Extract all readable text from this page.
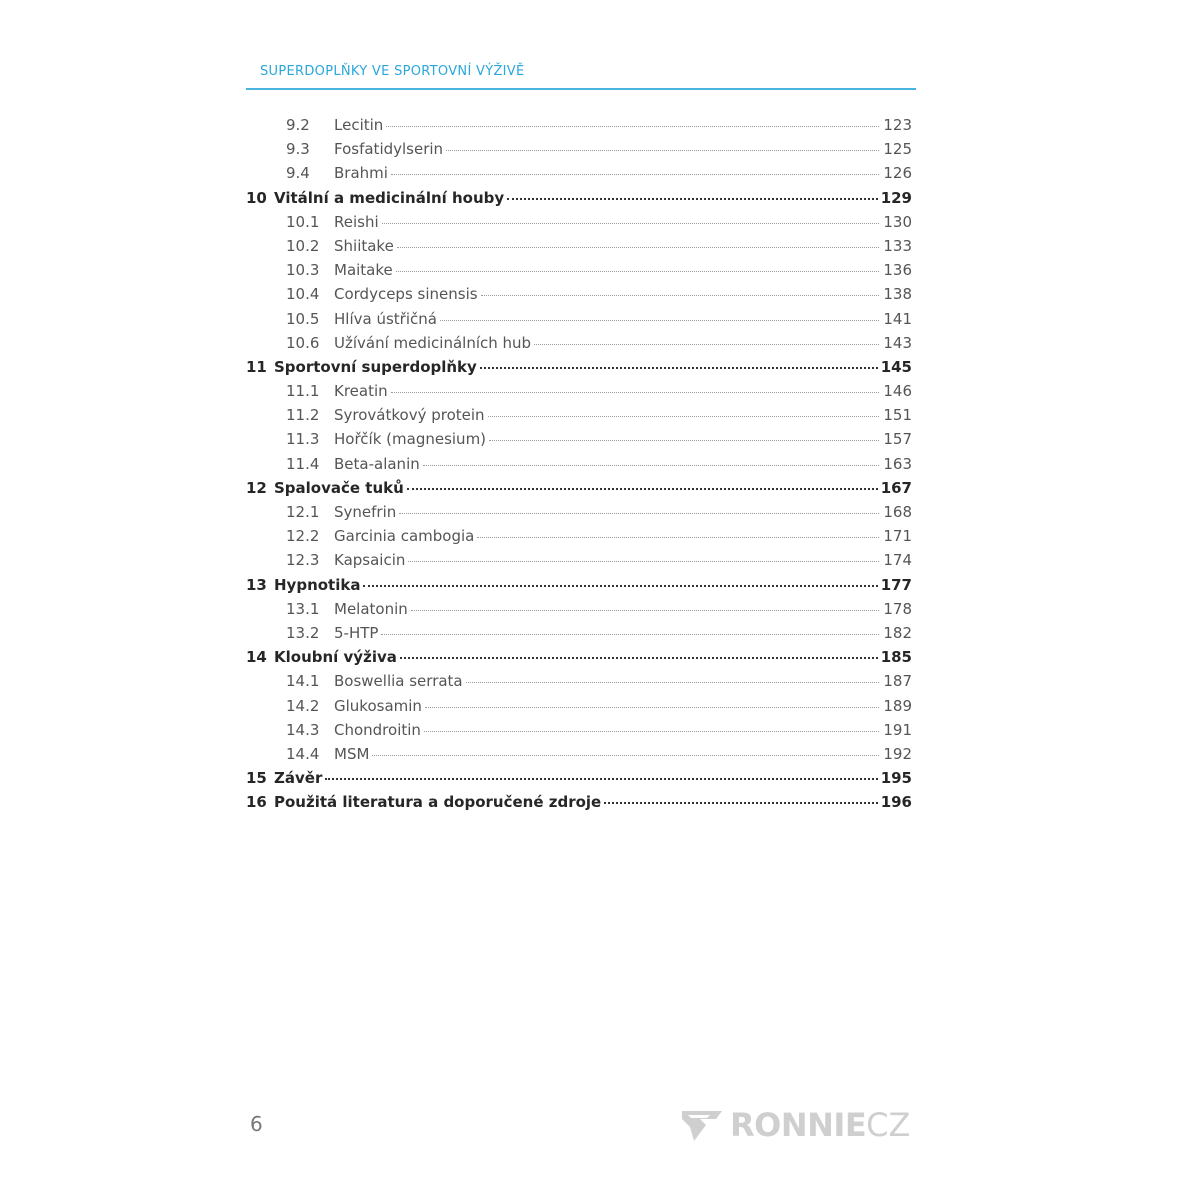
SUPERDOPLŇKY VE SPORTOVNÍ VÝŽIVĚ
9.2	Lecitin	123
9.3	Fosfatidylserin	125
9.4	Brahmi	126
10 Vitální a medicinální houby	129
10.1 Reishi	130
10.2 Shiitake	133
10.3 Maitake	136
10.4 Cordyceps sinensis	138
10.5 Hlíva ústřičná	141
10.6 Užívání medicinálních hub	143
11 Sportovní superdoplňky	145
11.1 Kreatin	146
11.2 Syrovátkový protein	151
11.3 Hořčík (magnesium)	157
11.4 Beta-alanin	163
12 Spalovače tuků	167
12.1 Synefrin	168
12.2 Garcinia cambogia	171
12.3 Kapsaicin	174
13 Hypnotika	177
13.1 Melatonin	178
13.2 5-HTP	182
14 Kloubní výživa	185
14.1 Boswellia serrata	187
14.2 Glukosamin	189
14.3 Chondroitin	191
14.4 MSM	192
15 Závěr	195
16 Použitá literatura a doporučené zdroje	196
6	RONNIE CZ
